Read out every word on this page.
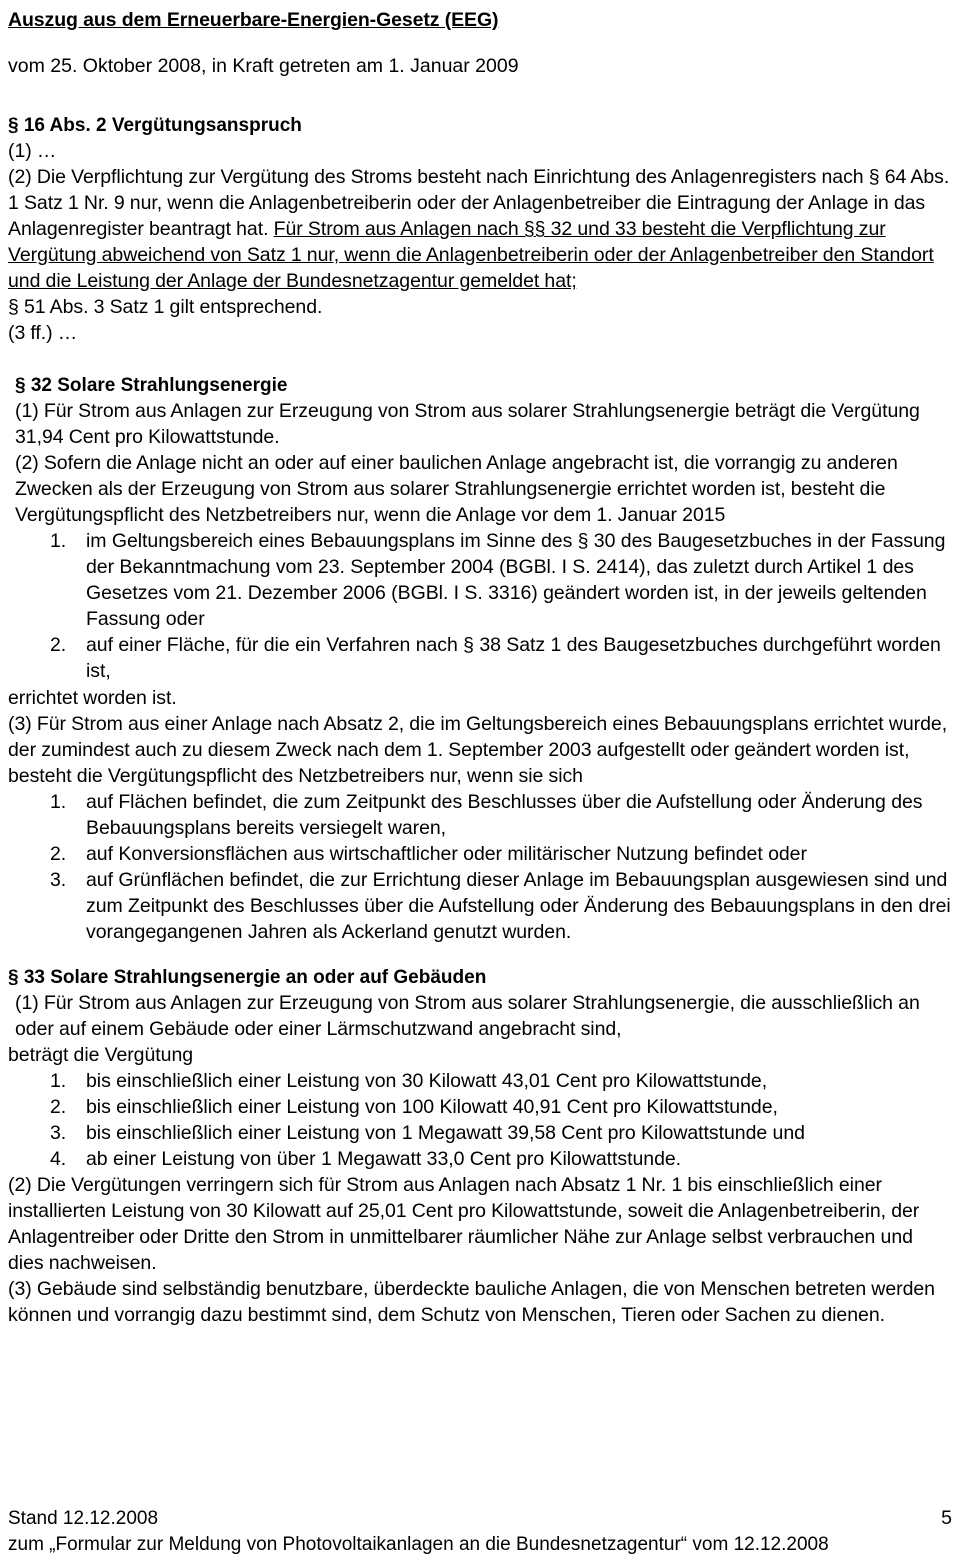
Auszug aus dem Erneuerbare-Energien-Gesetz (EEG)
vom 25. Oktober 2008, in Kraft getreten am 1. Januar 2009
§ 16 Abs. 2 Vergütungsanspruch
(1) …
(2) Die Verpflichtung zur Vergütung des Stroms besteht nach Einrichtung des Anlagenregisters nach § 64 Abs. 1 Satz 1 Nr. 9 nur, wenn die Anlagenbetreiberin oder der Anlagenbetreiber die Eintragung der Anlage in das Anlagenregister beantragt hat. Für Strom aus Anlagen nach §§ 32 und 33 besteht die Verpflichtung zur Vergütung abweichend von Satz 1 nur, wenn die Anlagenbetreiberin oder der Anlagenbetreiber den Standort und die Leistung der Anlage der Bundesnetzagentur gemeldet hat;
§ 51 Abs. 3 Satz 1 gilt entsprechend.
(3 ff.) …
§ 32 Solare Strahlungsenergie
(1) Für Strom aus Anlagen zur Erzeugung von Strom aus solarer Strahlungsenergie beträgt die Vergütung 31,94 Cent pro Kilowattstunde.
(2) Sofern die Anlage nicht an oder auf einer baulichen Anlage angebracht ist, die vorrangig zu anderen Zwecken als der Erzeugung von Strom aus solarer Strahlungsenergie errichtet worden ist, besteht die Vergütungspflicht des Netzbetreibers nur, wenn die Anlage vor dem 1. Januar 2015
1.	im Geltungsbereich eines Bebauungsplans im Sinne des § 30 des Baugesetzbuches in der Fassung der Bekanntmachung vom 23. September 2004 (BGBl. I S. 2414), das zuletzt durch Artikel 1 des Gesetzes vom 21. Dezember 2006 (BGBl. I S. 3316) geändert worden ist, in der jeweils geltenden Fassung oder
2.	auf einer Fläche, für die ein Verfahren nach § 38 Satz 1 des Baugesetzbuches durchgeführt worden ist,
errichtet worden ist.
(3) Für Strom aus einer Anlage nach Absatz 2, die im Geltungsbereich eines Bebauungsplans errichtet wurde, der zumindest auch zu diesem Zweck nach dem 1. September 2003 aufgestellt oder geändert worden ist, besteht die Vergütungspflicht des Netzbetreibers nur, wenn sie sich
1.	auf Flächen befindet, die zum Zeitpunkt des Beschlusses über die Aufstellung oder Änderung des Bebauungsplans bereits versiegelt waren,
2.	auf Konversionsflächen aus wirtschaftlicher oder militärischer Nutzung befindet oder
3.	auf Grünflächen befindet, die zur Errichtung dieser Anlage im Bebauungsplan ausgewiesen sind und zum Zeitpunkt des Beschlusses über die Aufstellung oder Änderung des Bebauungsplans in den drei vorangegangenen Jahren als Ackerland genutzt wurden.
§ 33 Solare Strahlungsenergie an oder auf Gebäuden
(1) Für Strom aus Anlagen zur Erzeugung von Strom aus solarer Strahlungsenergie, die ausschließlich an oder auf einem Gebäude oder einer Lärmschutzwand angebracht sind,
beträgt die Vergütung
1.	bis einschließlich einer Leistung von 30 Kilowatt 43,01 Cent pro Kilowattstunde,
2.	bis einschließlich einer Leistung von 100 Kilowatt 40,91 Cent pro Kilowattstunde,
3.	bis einschließlich einer Leistung von 1 Megawatt 39,58 Cent pro Kilowattstunde und
4.	ab einer Leistung von über 1 Megawatt 33,0 Cent pro Kilowattstunde.
(2) Die Vergütungen verringern sich für Strom aus Anlagen nach Absatz 1 Nr. 1 bis einschließlich einer installierten Leistung von 30 Kilowatt auf 25,01 Cent pro Kilowattstunde, soweit die Anlagenbetreiberin, der Anlagentreiber oder Dritte den Strom in unmittelbarer räumlicher Nähe zur Anlage selbst verbrauchen und dies nachweisen.
(3) Gebäude sind selbständig benutzbare, überdeckte bauliche Anlagen, die von Menschen betreten werden können und vorrangig dazu bestimmt sind, dem Schutz von Menschen, Tieren oder Sachen zu dienen.
Stand 12.12.2008	5
zum „Formular zur Meldung von Photovoltaikanlagen an die Bundesnetzagentur“ vom 12.12.2008
